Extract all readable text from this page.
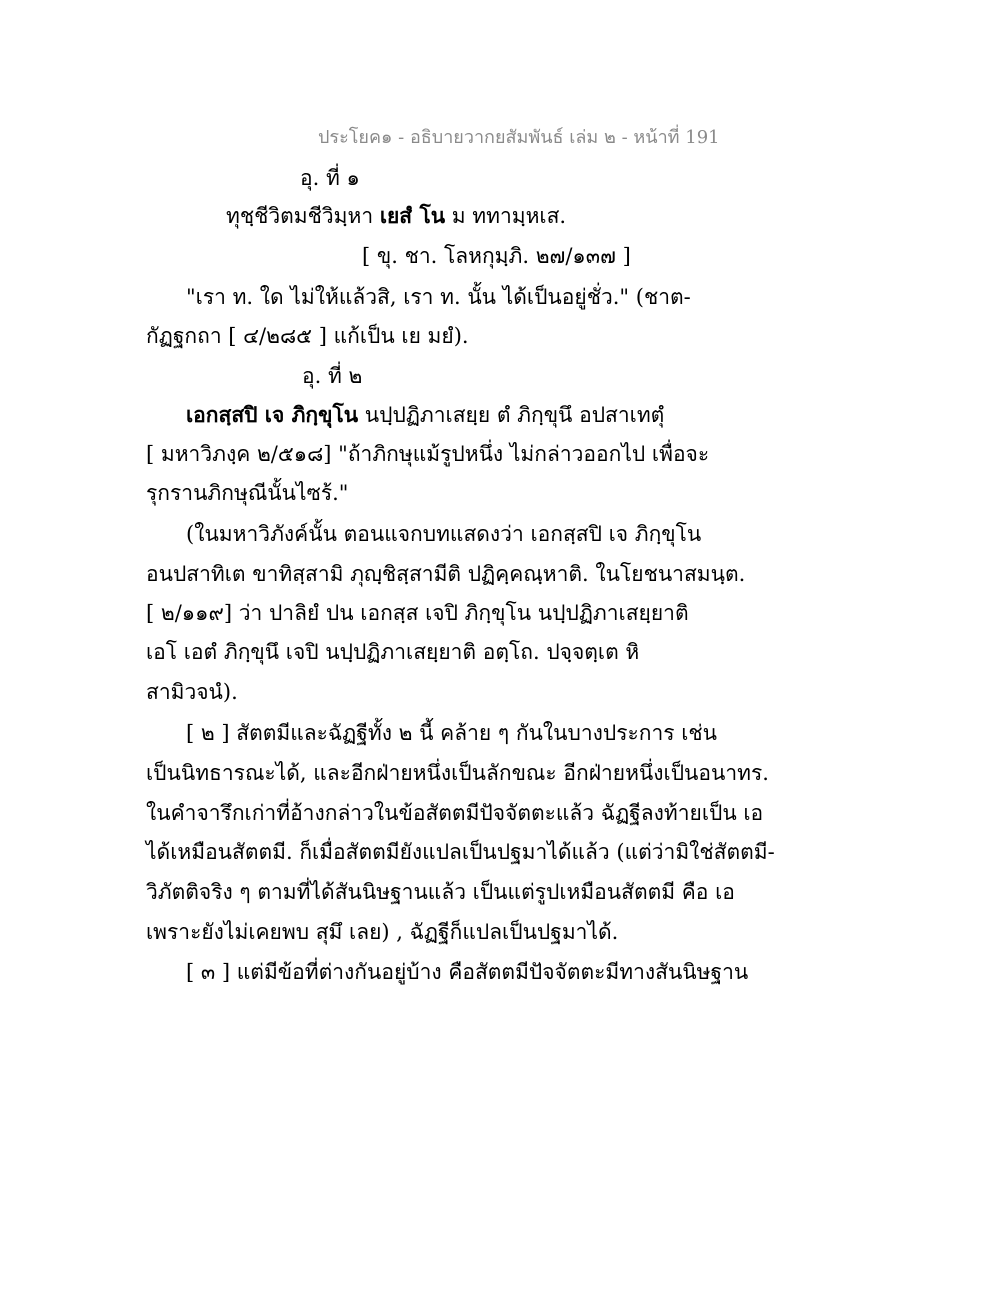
ประโยค๑ - อธิบายวากยสัมพันธ์ เล่ม ๒ - หน้าที่ 191
อุ. ที่ ๑
ทุชฺชีวิตมชีวิมฺหา เยสํ โน ม ททามฺหเส.
[ ขุ. ชา. โลหกุมฺภิ. ๒๗/๑๓๗ ]
"เรา ท. ใด ไม่ให้แล้วสิ, เรา ท. นั้น ได้เป็นอยู่ชั่ว." (ชาต-
กัฏฐกถา [ ๔/๒๘๕ ] แก้เป็น เย มยํ).
อุ. ที่ ๒
เอกสฺสปิ เจ ภิกฺขุโน นปฺปฏิภาเสยฺย ตํ ภิกฺขุนึ อปสาเทตุํ
[ มหาวิภงฺค ๒/๕๑๘] "ถ้าภิกษุแม้รูปหนึ่ง ไม่กล่าวออกไป เพื่อจะ
รุกรานภิกษุณีนั้นไซร้."
(ในมหาวิภังค์นั้น ตอนแจกบทแสดงว่า เอกสฺสปิ เจ ภิกฺขุโน
อนปสาทิเต ขาทิสฺสามิ ภุญฺชิสฺสามีติ ปฏิคฺคณฺหาติ. ในโยชนาสมนฺต.
[ ๒/๑๑๙] ว่า ปาลิยํ ปน เอกสฺส เจปิ ภิกฺขุโน นปฺปฏิภาเสยฺยาติ
เอโ เอตํ ภิกฺขุนึ เจปิ นปฺปฏิภาเสยฺยาติ อตฺโถ. ปจฺจตฺเต หิ
สามิวจนํ).
[ ๒ ] สัตตมีและฉัฏฐีทั้ง ๒ นี้ คล้าย ๆ กันในบางประการ เช่น
เป็นนิทธารณะได้, และอีกฝ่ายหนึ่งเป็นลักขณะ อีกฝ่ายหนึ่งเป็นอนาทร.
ในคำจารึกเก่าที่อ้างกล่าวในข้อสัตตมีปัจจัตตะแล้ว ฉัฏฐีลงท้ายเป็น เอ
ได้เหมือนสัตตมี. ก็เมื่อสัตตมียังแปลเป็นปฐมาได้แล้ว (แต่ว่ามิใช่สัตตมี-
วิภัตติจริง ๆ ตามที่ได้สันนิษฐานแล้ว เป็นแต่รูปเหมือนสัตตมี คือ เอ
เพราะยังไม่เคยพบ สุมึ เลย) , ฉัฏฐีก็แปลเป็นปฐมาได้.
[ ๓ ] แต่มีข้อที่ต่างกันอยู่บ้าง คือสัตตมีปัจจัตตะมีทางสันนิษฐาน
